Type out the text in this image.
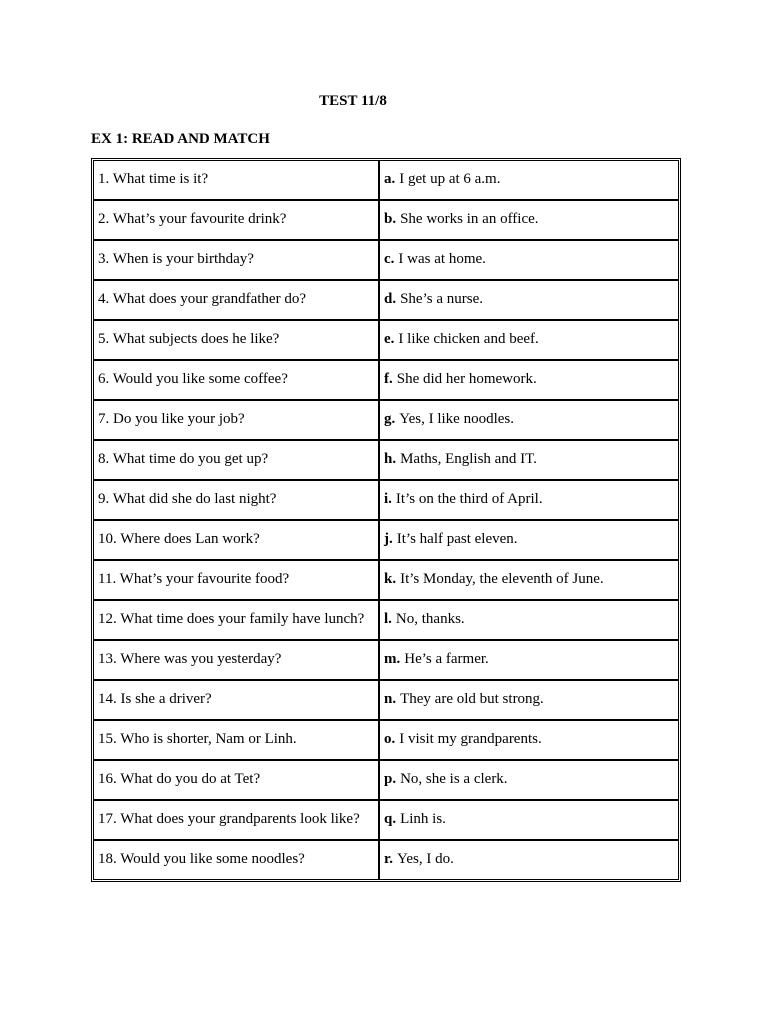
TEST 11/8
EX 1: READ AND MATCH
1. What time is it?	a. I get up at 6 a.m.
2. What’s your favourite drink?	b. She works in an office.
3. When is your birthday?	c. I was at home.
4. What does your grandfather do?	d. She’s a nurse.
5. What subjects does he like?	e. I like chicken and beef.
6. Would you like some coffee?	f. She did her homework.
7. Do you like your job?	g. Yes, I like noodles.
8. What time do you get up?	h. Maths, English and IT.
9. What did she do last night?	i. It’s on the third of April.
10. Where does Lan work?	j. It’s half past eleven.
11. What’s your favourite food?	k. It’s Monday, the eleventh of June.
12. What time does your family have lunch?	l. No, thanks.
13. Where was you yesterday?	m. He’s a farmer.
14. Is she a driver?	n. They are old but strong.
15. Who is shorter, Nam or Linh.	o. I visit my grandparents.
16. What do you do at Tet?	p. No, she is a clerk.
17. What does your grandparents look like?	q. Linh is.
18. Would you like some noodles?	r. Yes, I do.
